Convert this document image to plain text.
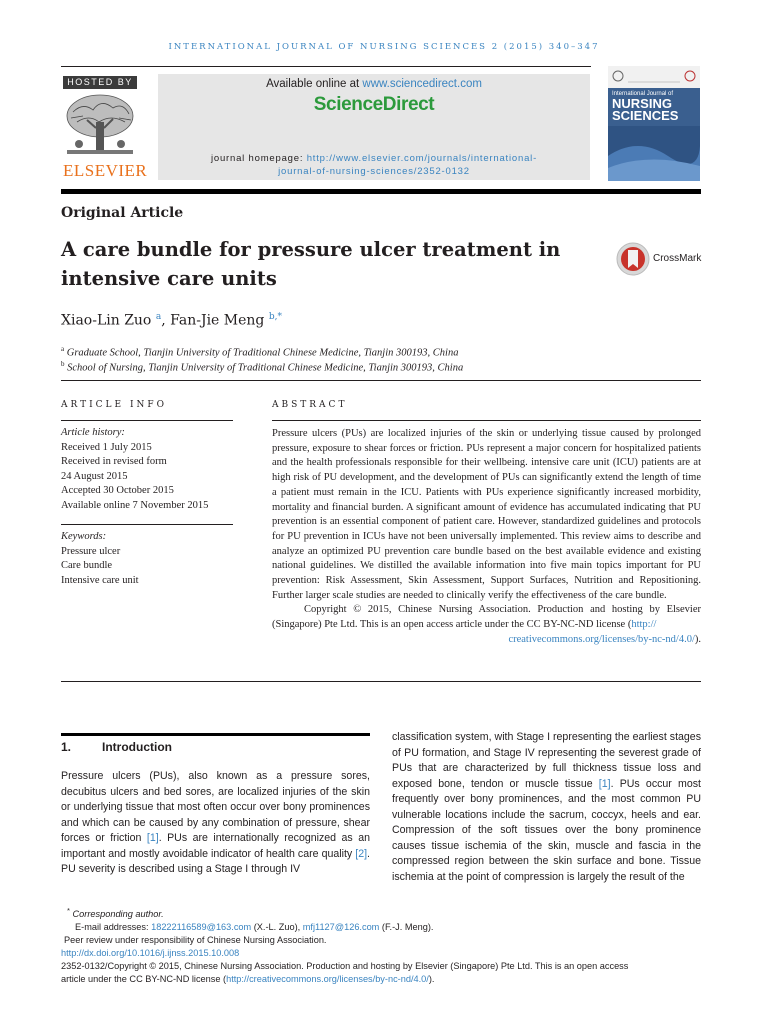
INTERNATIONAL JOURNAL OF NURSING SCIENCES 2 (2015) 340–347
HOSTED BY
ELSEVIER
Available online at www.sciencedirect.com
ScienceDirect
journal homepage: http://www.elsevier.com/journals/international-
journal-of-nursing-sciences/2352-0132
International Journal of
NURSING
SCIENCES
Original Article
A care bundle for pressure ulcer treatment in
intensive care units
CrossMark
Xiao-Lin Zuo $^a$, Fan-Jie Meng $^{b,*}$
$^a$ Graduate School, Tianjin University of Traditional Chinese Medicine, Tianjin 300193, China
$^b$ School of Nursing, Tianjin University of Traditional Chinese Medicine, Tianjin 300193, China
ARTICLE INFO
Article history:
Received 1 July 2015
Received in revised form
24 August 2015
Accepted 30 October 2015
Available online 7 November 2015
Keywords:
Pressure ulcer
Care bundle
Intensive care unit
ABSTRACT
Pressure ulcers (PUs) are localized injuries of the skin or underlying tissue caused by prolonged pressure, exposure to shear forces or friction. PUs represent a major concern for hospitalized patients and the health professionals responsible for their wellbeing. intensive care unit (ICU) patients are at high risk of PU development, and the development of PUs can significantly extend the length of time a patient must remain in the ICU. Patients with PUs experience significantly increased morbidity, mortality and financial burden. A significant amount of evidence has accumulated indicating that PU prevention is an essential component of patient care. However, standardized guidelines and protocols for PU prevention in ICUs have not been universally implemented. This review aims to describe and analyze an optimized PU prevention care bundle based on the best available evidence and existing national guidelines. We distilled the available information into five main topics important for PU prevention: Risk Assessment, Skin Assessment, Support Surfaces, Nutrition and Repositioning. Further larger scale studies are needed to clinically verify the effectiveness of the care bundle.
Copyright © 2015, Chinese Nursing Association. Production and hosting by Elsevier (Singapore) Pte Ltd. This is an open access article under the CC BY-NC-ND license (http://

creativecommons.org/licenses/by-nc-nd/4.0/).
1.	Introduction
Pressure ulcers (PUs), also known as a pressure sores, decubitus ulcers and bed sores, are localized injuries of the skin or underlying tissue that most often occur over bony prominences and which can be caused by any combination of pressure, shear forces or friction [1]. PUs are internationally recognized as an important and mostly avoidable indicator of health care quality [2]. PU severity is described using a Stage I through IV
classification system, with Stage I representing the earliest stages of PU formation, and Stage IV representing the severest grade of PUs that are characterized by full thickness tissue loss and exposed bone, tendon or muscle tissue [1]. PUs occur most frequently over bony prominences, and the most common PU vulnerable locations include the sacrum, coccyx, heels and ear. Compression of the soft tissues over the bony prominence causes tissue ischemia of the skin, muscle and fascia in the compressed region between the skin surface and bone. Tissue ischemia at the point of compression is largely the result of the
* Corresponding author.
E-mail addresses: 18222116589@163.com (X.-L. Zuo), mfj1127@126.com (F.-J. Meng).
Peer review under responsibility of Chinese Nursing Association.
http://dx.doi.org/10.1016/j.ijnss.2015.10.008
2352-0132/Copyright © 2015, Chinese Nursing Association. Production and hosting by Elsevier (Singapore) Pte Ltd. This is an open access
article under the CC BY-NC-ND license (http://creativecommons.org/licenses/by-nc-nd/4.0/).
